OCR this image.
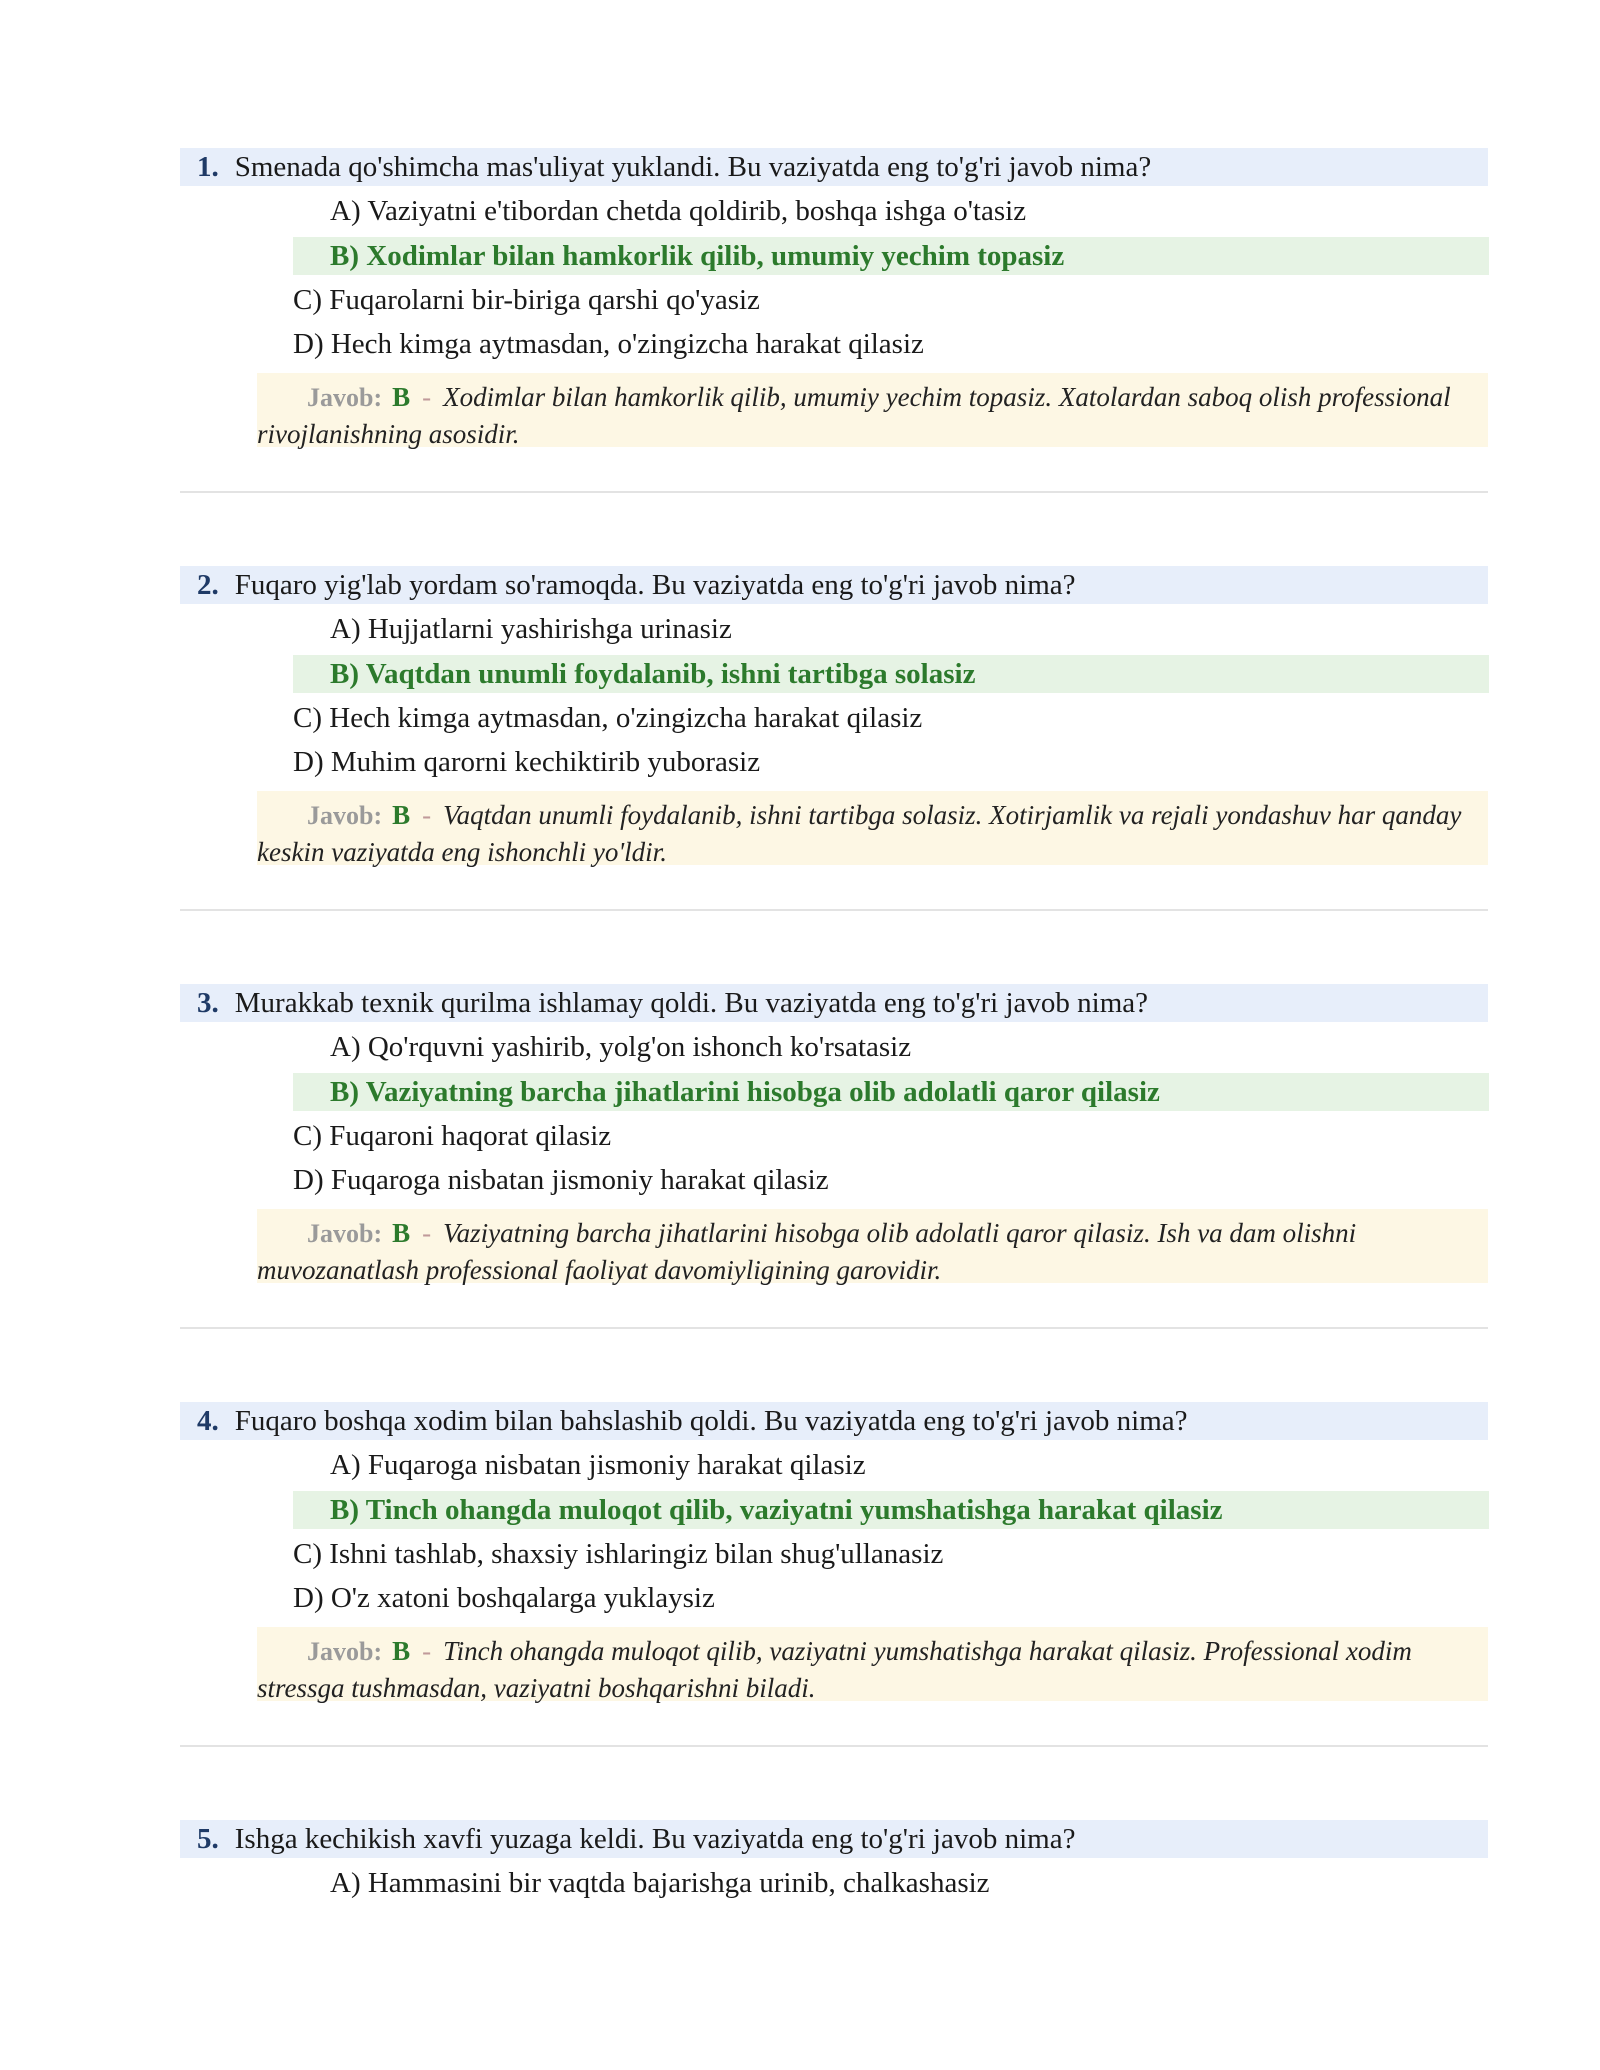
1. Smenada qo'shimcha mas'uliyat yuklandi. Bu vaziyatda eng to'g'ri javob nima?
A) Vaziyatni e'tibordan chetda qoldirib, boshqa ishga o'tasiz
B) Xodimlar bilan hamkorlik qilib, umumiy yechim topasiz
C) Fuqarolarni bir-biriga qarshi qo'yasiz
D) Hech kimga aytmasdan, o'zingizcha harakat qilasiz
Javob: B - Xodimlar bilan hamkorlik qilib, umumiy yechim topasiz. Xatolardan saboq olish professional rivojlanishning asosidir.
2. Fuqaro yig'lab yordam so'ramoqda. Bu vaziyatda eng to'g'ri javob nima?
A) Hujjatlarni yashirishga urinasiz
B) Vaqtdan unumli foydalanib, ishni tartibga solasiz
C) Hech kimga aytmasdan, o'zingizcha harakat qilasiz
D) Muhim qarorni kechiktirib yuborasiz
Javob: B - Vaqtdan unumli foydalanib, ishni tartibga solasiz. Xotirjamlik va rejali yondashuv har qanday keskin vaziyatda eng ishonchli yo'ldir.
3. Murakkab texnik qurilma ishlamay qoldi. Bu vaziyatda eng to'g'ri javob nima?
A) Qo'rquvni yashirib, yolg'on ishonch ko'rsatasiz
B) Vaziyatning barcha jihatlarini hisobga olib adolatli qaror qilasiz
C) Fuqaroni haqorat qilasiz
D) Fuqaroga nisbatan jismoniy harakat qilasiz
Javob: B - Vaziyatning barcha jihatlarini hisobga olib adolatli qaror qilasiz. Ish va dam olishni muvozanatlash professional faoliyat davomiyligining garovidir.
4. Fuqaro boshqa xodim bilan bahslashib qoldi. Bu vaziyatda eng to'g'ri javob nima?
A) Fuqaroga nisbatan jismoniy harakat qilasiz
B) Tinch ohangda muloqot qilib, vaziyatni yumshatishga harakat qilasiz
C) Ishni tashlab, shaxsiy ishlaringiz bilan shug'ullanasiz
D) O'z xatoni boshqalarga yuklaysiz
Javob: B - Tinch ohangda muloqot qilib, vaziyatni yumshatishga harakat qilasiz. Professional xodim stressga tushmasdan, vaziyatni boshqarishni biladi.
5. Ishga kechikish xavfi yuzaga keldi. Bu vaziyatda eng to'g'ri javob nima?
A) Hammasini bir vaqtda bajarishga urinib, chalkashasiz
